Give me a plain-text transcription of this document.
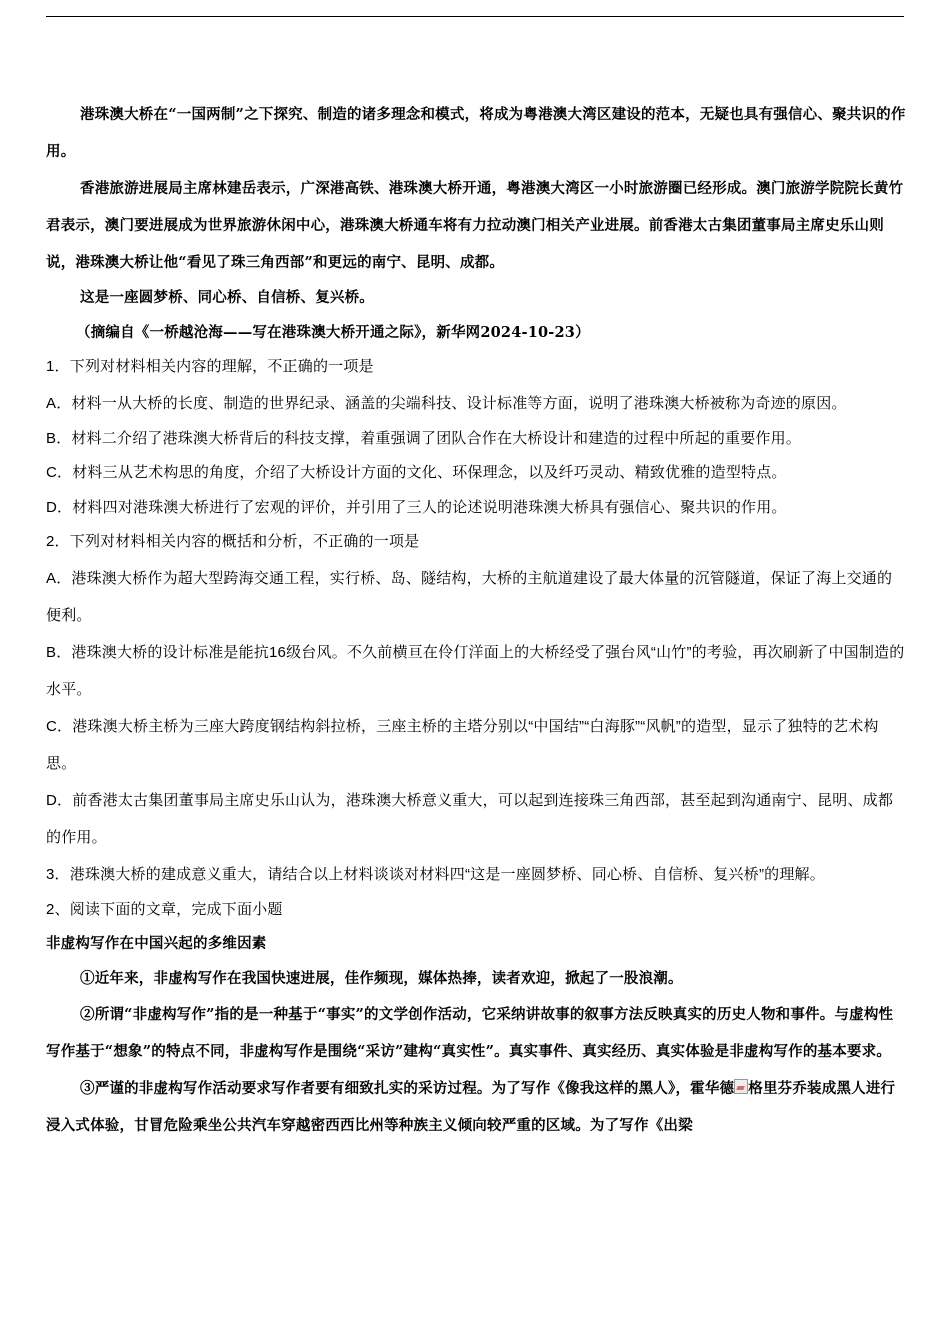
港珠澳大桥在“一国两制”之下探究、制造的诸多理念和模式，将成为粤港澳大湾区建设的范本，无疑也具有强信心、聚共识的作用。

香港旅游进展局主席林建岳表示，广深港高铁、港珠澳大桥开通，粤港澳大湾区一小时旅游圈已经形成。澳门旅游学院院长黄竹君表示，澳门要进展成为世界旅游休闲中心，港珠澳大桥通车将有力拉动澳门相关产业进展。前香港太古集团董事局主席史乐山则说，港珠澳大桥让他“看见了珠三角西部”和更远的南宁、昆明、成都。

这是一座圆梦桥、同心桥、自信桥、复兴桥。

（摘编自《一桥越沧海——写在港珠澳大桥开通之际》，新华网2024-10-23）

1．下列对材料相关内容的理解，不正确的一项是

A．材料一从大桥的长度、制造的世界纪录、涵盖的尖端科技、设计标准等方面，说明了港珠澳大桥被称为奇迹的原因。

B．材料二介绍了港珠澳大桥背后的科技支撑，着重强调了团队合作在大桥设计和建造的过程中所起的重要作用。

C．材料三从艺术构思的角度，介绍了大桥设计方面的文化、环保理念，以及纤巧灵动、精致优雅的造型特点。

D．材料四对港珠澳大桥进行了宏观的评价，并引用了三人的论述说明港珠澳大桥具有强信心、聚共识的作用。

2．下列对材料相关内容的概括和分析，不正确的一项是

A．港珠澳大桥作为超大型跨海交通工程，实行桥、岛、隧结构，大桥的主航道建设了最大体量的沉管隧道，保证了海上交通的便利。

B．港珠澳大桥的设计标准是能抗16级台风。不久前横亘在伶仃洋面上的大桥经受了强台风“山竹”的考验，再次刷新了中国制造的水平。

C．港珠澳大桥主桥为三座大跨度钢结构斜拉桥，三座主桥的主塔分别以“中国结”“白海豚”“风帆”的造型，显示了独特的艺术构思。

D．前香港太古集团董事局主席史乐山认为，港珠澳大桥意义重大，可以起到连接珠三角西部，甚至起到沟通南宁、昆明、成都的作用。

3．港珠澳大桥的建成意义重大，请结合以上材料谈谈对材料四“这是一座圆梦桥、同心桥、自信桥、复兴桥”的理解。

2、阅读下面的文章，完成下面小题

非虚构写作在中国兴起的多维因素

①近年来，非虚构写作在我国快速进展，佳作频现，媒体热捧，读者欢迎，掀起了一股浪潮。

②所谓“非虚构写作”指的是一种基于“事实”的文学创作活动，它采纳讲故事的叙事方法反映真实的历史人物和事件。与虚构性写作基于“想象”的特点不同，非虚构写作是围绕“采访”建构“真实性”。真实事件、真实经历、真实体验是非虚构写作的基本要求。

③严谨的非虚构写作活动要求写作者要有细致扎实的采访过程。为了写作《像我这样的黑人》，霍华德 格里芬乔装成黑人进行浸入式体验，甘冒危险乘坐公共汽车穿越密西西比州等种族主义倾向较严重的区域。为了写作《出梁
